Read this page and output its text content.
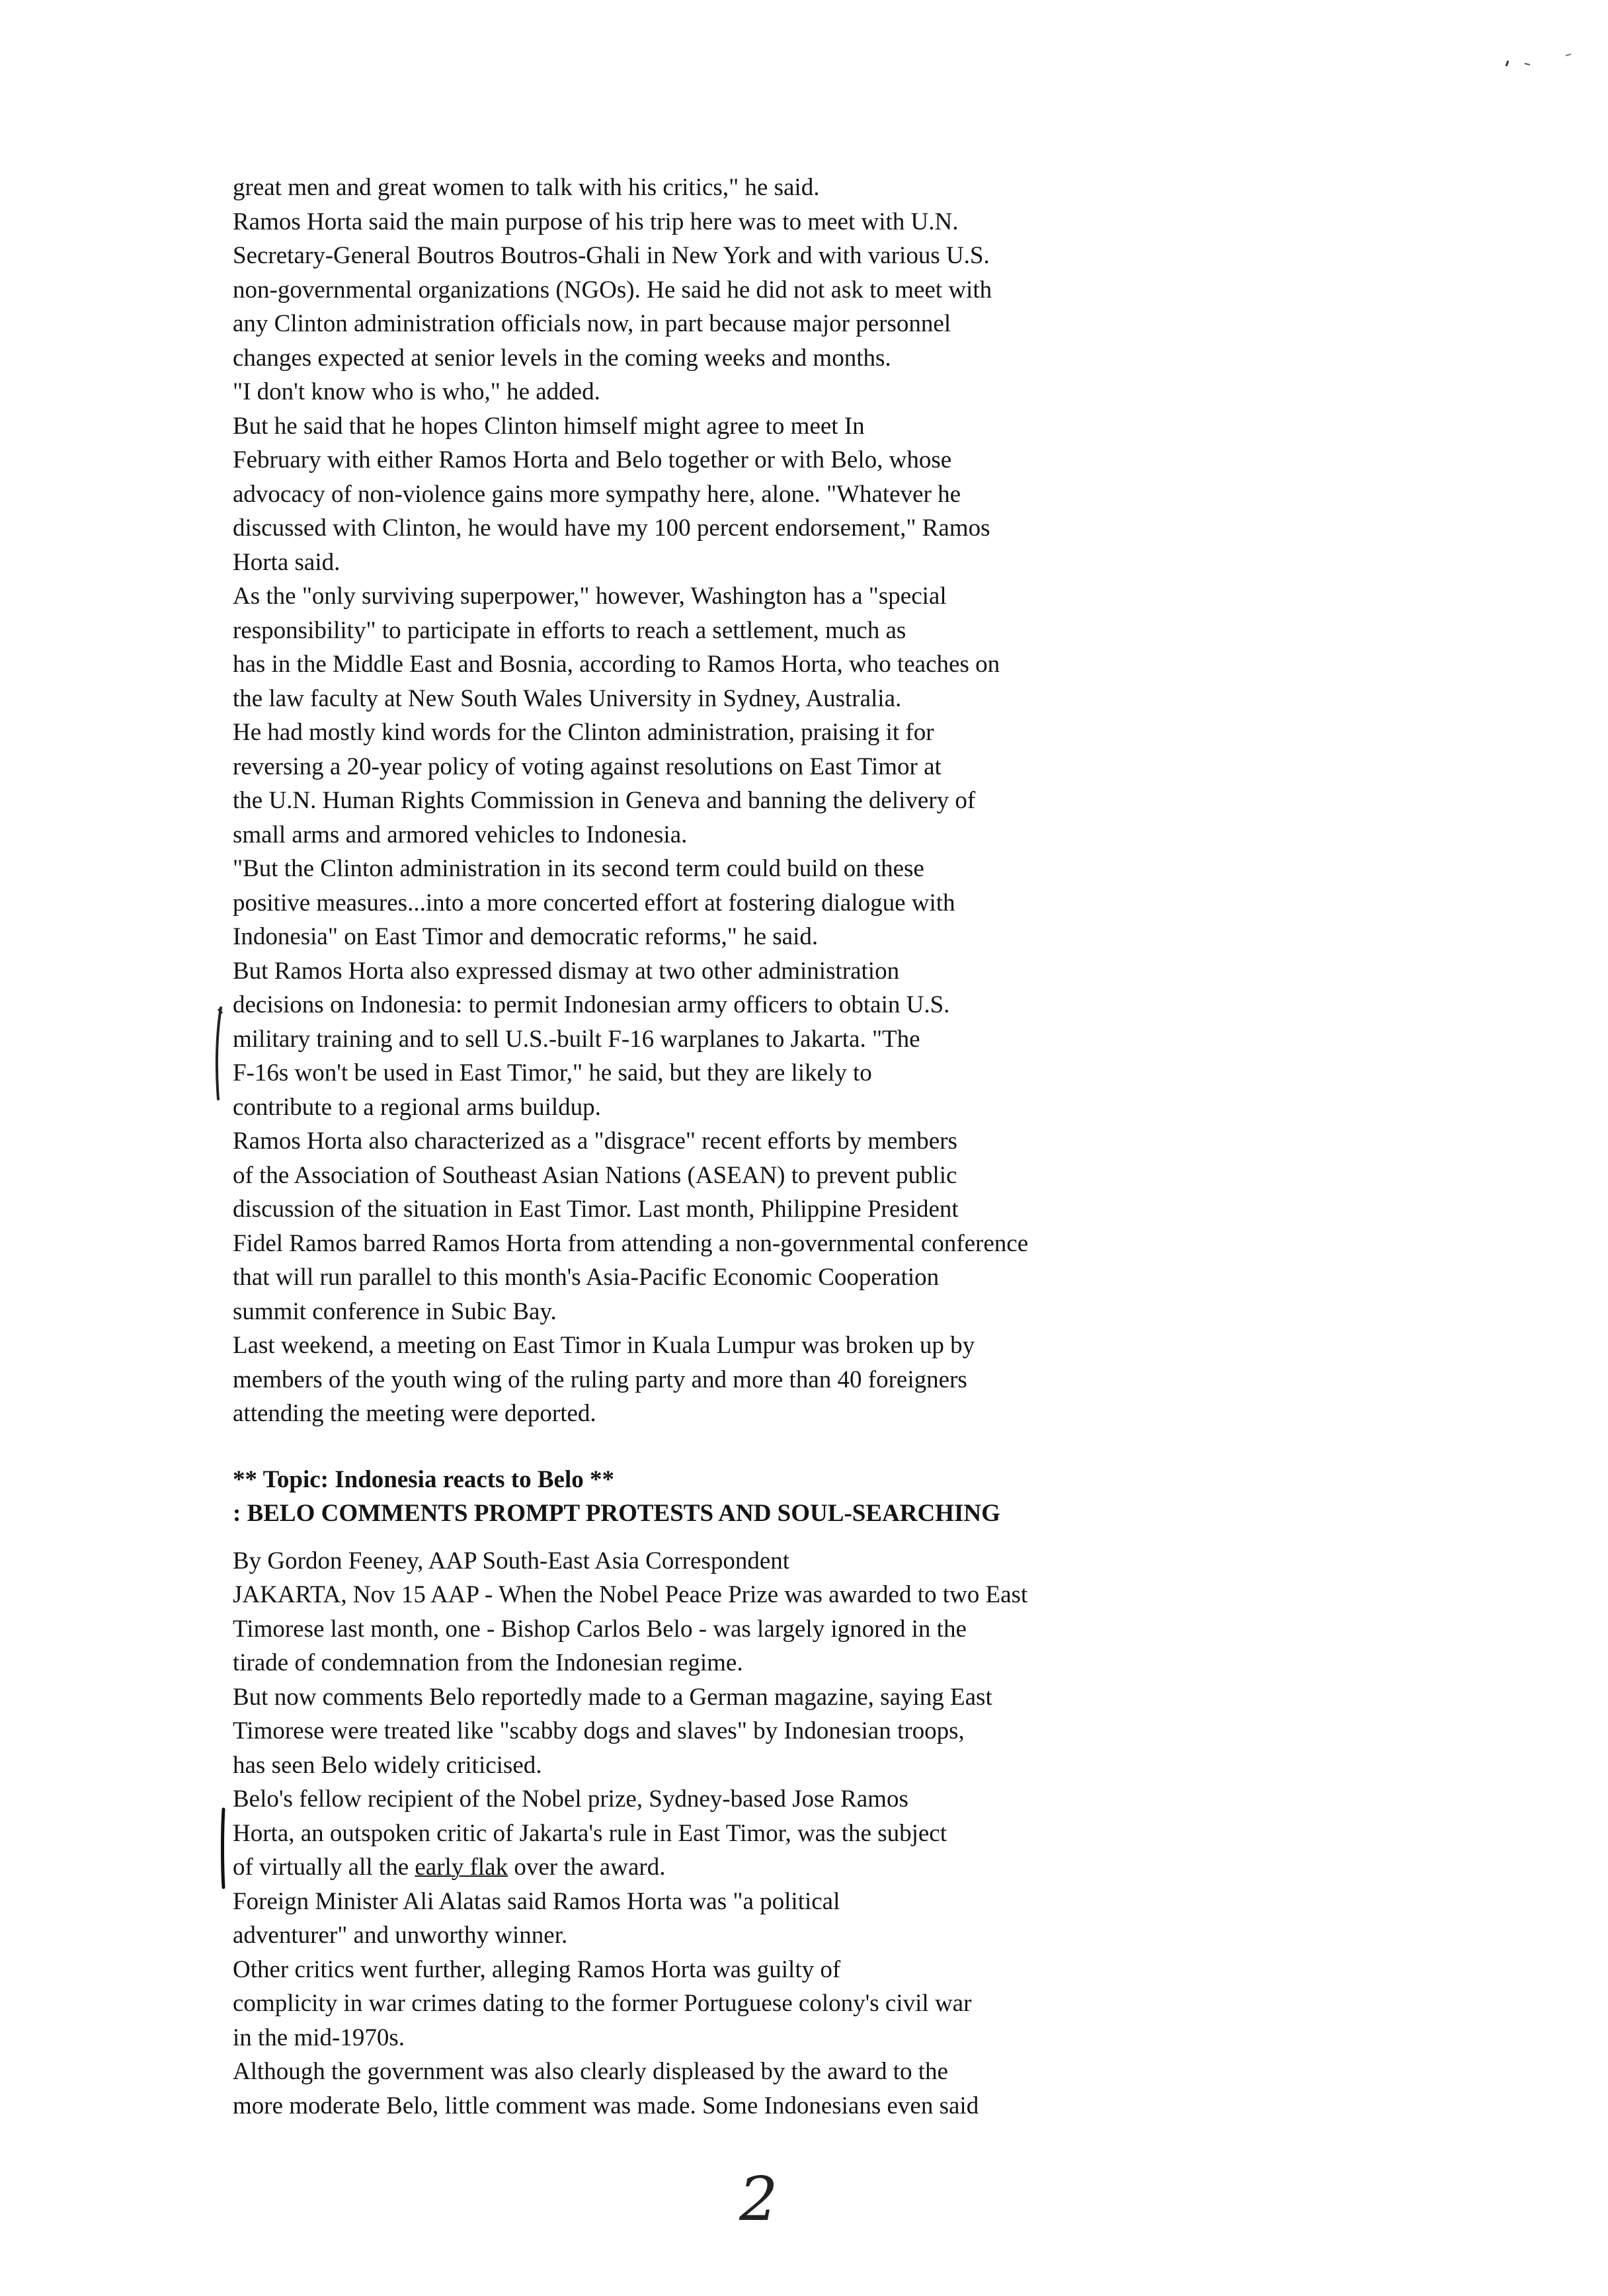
great men and great women to talk with his critics," he said.
Ramos Horta said the main purpose of his trip here was to meet with U.N.
Secretary-General Boutros Boutros-Ghali in New York and with various U.S.
non-governmental organizations (NGOs). He said he did not ask to meet with
any Clinton administration officials now, in part because major personnel
changes expected at senior levels in the coming weeks and months.
"I don't know who is who," he added.
But he said that he hopes Clinton himself might agree to meet In
February with either Ramos Horta and Belo together or with Belo, whose
advocacy of non-violence gains more sympathy here, alone. "Whatever he
discussed with Clinton, he would have my 100 percent endorsement," Ramos
Horta said.
As the "only surviving superpower," however, Washington has a "special
responsibility" to participate in efforts to reach a settlement, much as
has in the Middle East and Bosnia, according to Ramos Horta, who teaches on
the law faculty at New South Wales University in Sydney, Australia.
He had mostly kind words for the Clinton administration, praising it for
reversing a 20-year policy of voting against resolutions on East Timor at
the U.N. Human Rights Commission in Geneva and banning the delivery of
small arms and armored vehicles to Indonesia.
"But the Clinton administration in its second term could build on these
positive measures...into a more concerted effort at fostering dialogue with
Indonesia" on East Timor and democratic reforms," he said.
But Ramos Horta also expressed dismay at two other administration
decisions on Indonesia: to permit Indonesian army officers to obtain U.S.
military training and to sell U.S.-built F-16 warplanes to Jakarta. "The
F-16s won't be used in East Timor," he said, but they are likely to
contribute to a regional arms buildup.
Ramos Horta also characterized as a "disgrace" recent efforts by members
of the Association of Southeast Asian Nations (ASEAN) to prevent public
discussion of the situation in East Timor. Last month, Philippine President
Fidel Ramos barred Ramos Horta from attending a non-governmental conference
that will run parallel to this month's Asia-Pacific Economic Cooperation
summit conference in Subic Bay.
Last weekend, a meeting on East Timor in Kuala Lumpur was broken up by
members of the youth wing of the ruling party and more than 40 foreigners
attending the meeting were deported.
** Topic: Indonesia reacts to Belo **
: BELO COMMENTS PROMPT PROTESTS AND SOUL-SEARCHING
By Gordon Feeney, AAP South-East Asia Correspondent
JAKARTA, Nov 15 AAP - When the Nobel Peace Prize was awarded to two East
Timorese last month, one - Bishop Carlos Belo - was largely ignored in the
tirade of condemnation from the Indonesian regime.
But now comments Belo reportedly made to a German magazine, saying East
Timorese were treated like "scabby dogs and slaves" by Indonesian troops,
has seen Belo widely criticised.
Belo's fellow recipient of the Nobel prize, Sydney-based Jose Ramos
Horta, an outspoken critic of Jakarta's rule in East Timor, was the subject
of virtually all the early flak over the award.
Foreign Minister Ali Alatas said Ramos Horta was "a political
adventurer" and unworthy winner.
Other critics went further, alleging Ramos Horta was guilty of
complicity in war crimes dating to the former Portuguese colony's civil war
in the mid-1970s.
Although the government was also clearly displeased by the award to the
more moderate Belo, little comment was made. Some Indonesians even said
2
